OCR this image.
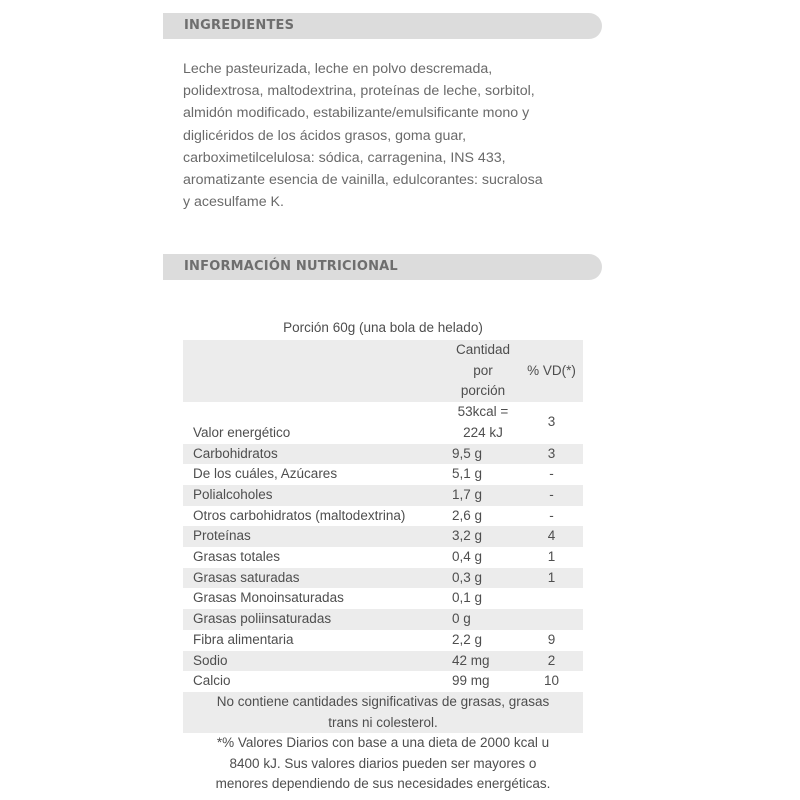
INGREDIENTES

Leche pasteurizada, leche en polvo descremada,
polidextrosa, maltodextrina, proteínas de leche, sorbitol,
almidón modificado, estabilizante/emulsificante mono y
diglicéridos de los ácidos grasos, goma guar,
carboximetilcelulosa: sódica, carragenina, INS 433,
aromatizante esencia de vainilla, edulcorantes: sucralosa
y acesulfame K.

INFORMACIÓN NUTRICIONAL
Porción 60g (una bola de helado)
	Cantidad
por
porción	% VD(*)
Valor energético	53kcal =
224 kJ	3
Carbohidratos	9,5 g	3
De los cuáles, Azúcares	5,1 g	-
Polialcoholes	1,7 g	-
Otros carbohidratos (maltodextrina)	2,6 g	-
Proteínas	3,2 g	4
Grasas totales	0,4 g	1
Grasas saturadas	0,3 g	1
Grasas Monoinsaturadas	0,1 g	
Grasas poliinsaturadas	0 g	
Fibra alimentaria	2,2 g	9
Sodio	42 mg	2
Calcio	99 mg	10
No contiene cantidades significativas de grasas, grasas
trans ni colesterol.		
*% Valores Diarios con base a una dieta de 2000 kcal u
8400 kJ. Sus valores diarios pueden ser mayores o
menores dependiendo de sus necesidades energéticas.
